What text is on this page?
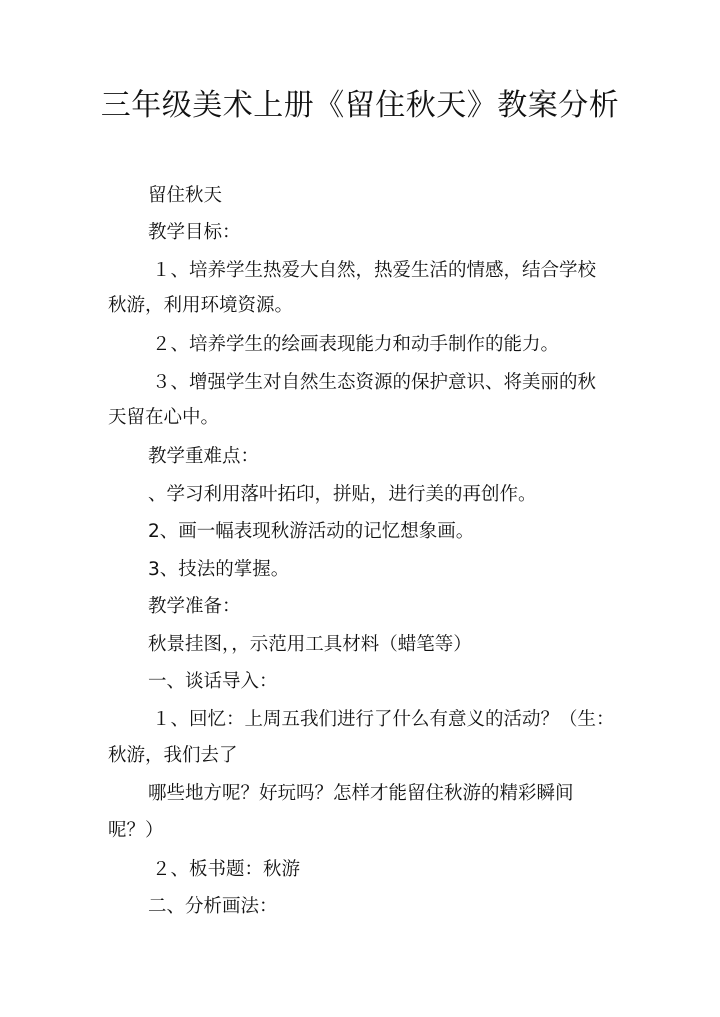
三年级美术上册《留住秋天》教案分析

留住秋天

教学目标：

１、培养学生热爱大自然，热爱生活的情感，结合学校

秋游，利用环境资源。

２、培养学生的绘画表现能力和动手制作的能力。

３、增强学生对自然生态资源的保护意识、将美丽的秋

天留在心中。

教学重难点：

、学习利用落叶拓印，拼贴，进行美的再创作。

2、画一幅表现秋游活动的记忆想象画。

3、技法的掌握。

教学准备：

秋景挂图，，示范用工具材料（蜡笔等）

一、谈话导入：

１、回忆：上周五我们进行了什么有意义的活动？（生：

秋游，我们去了

哪些地方呢？好玩吗？怎样才能留住秋游的精彩瞬间

呢？）

２、板书题：秋游

二、分析画法：
